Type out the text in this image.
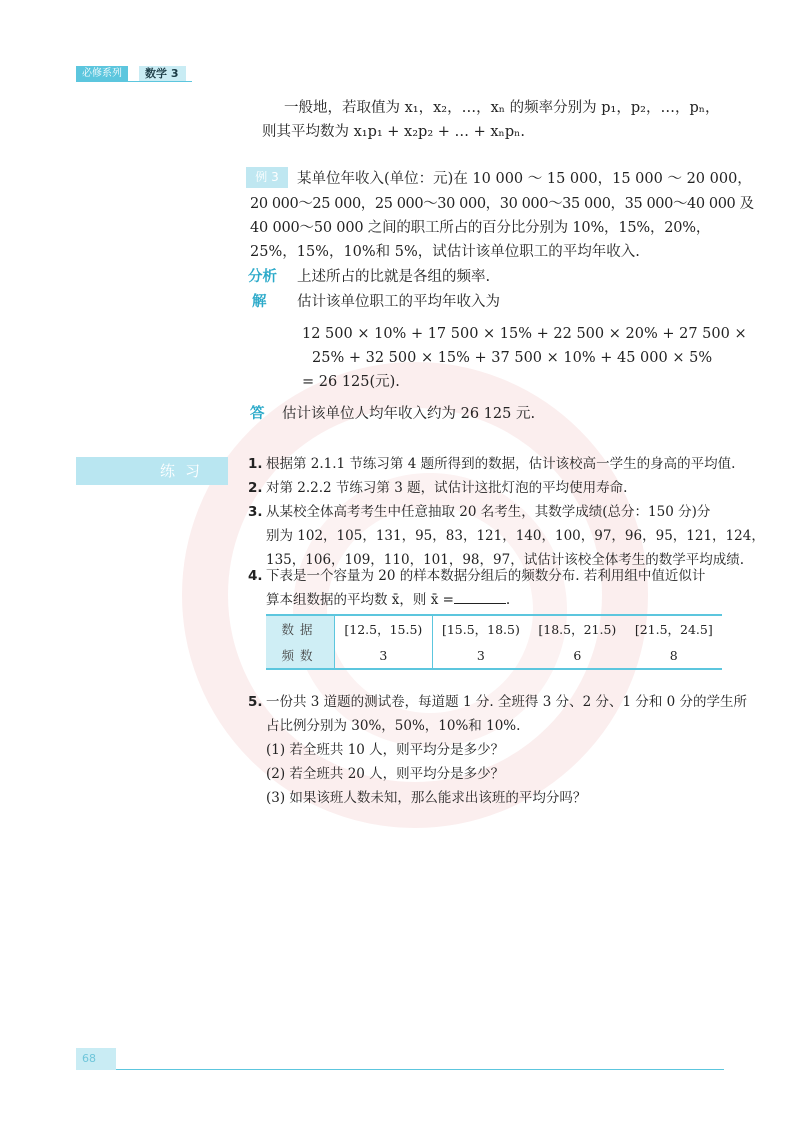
必修系列	数学 3
一般地，若取值为 x₁，x₂，…，xₙ 的频率分别为 p₁，p₂，…，pₙ，
则其平均数为 x₁p₁ + x₂p₂ + … + xₙpₙ.
例 3	某单位年收入(单位：元)在 10 000 ～ 15 000，15 000 ～ 20 000，
20 000～25 000，25 000～30 000，30 000～35 000，35 000～40 000 及
40 000～50 000 之间的职工所占的百分比分别为 10%，15%，20%，
25%，15%，10%和 5%，试估计该单位职工的平均年收入.
分析 上述所占的比就是各组的频率.
解 估计该单位职工的平均年收入为
12 500 × 10% + 17 500 × 15% + 22 500 × 20% + 27 500 ×
25% + 32 500 × 15% + 37 500 × 10% + 45 000 × 5%
= 26 125(元).
答 估计该单位人均年收入约为 26 125 元.
练习	1. 根据第 2.1.1 节练习第 4 题所得到的数据，估计该校高一学生的身高的平均值.
2. 对第 2.2.2 节练习第 3 题，试估计这批灯泡的平均使用寿命.
3. 从某校全体高考考生中任意抽取 20 名考生，其数学成绩(总分：150 分)分
别为 102，105，131，95，83，121，140，100，97，96，95，121，124，
135，106，109，110，101，98，97，试估计该校全体考生的数学平均成绩.
4. 下表是一个容量为 20 的样本数据分组后的频数分布. 若利用组中值近似计
算本组数据的平均数 x̄，则 x̄ =	.
数据	[12.5，15.5)	[15.5，18.5)	[18.5，21.5)	[21.5，24.5]
频数	3	3	6	8
5. 一份共 3 道题的测试卷，每道题 1 分. 全班得 3 分、2 分、1 分和 0 分的学生所
占比例分别为 30%，50%，10%和 10%.
(1) 若全班共 10 人，则平均分是多少？
(2) 若全班共 20 人，则平均分是多少？
(3) 如果该班人数未知，那么能求出该班的平均分吗？
68
